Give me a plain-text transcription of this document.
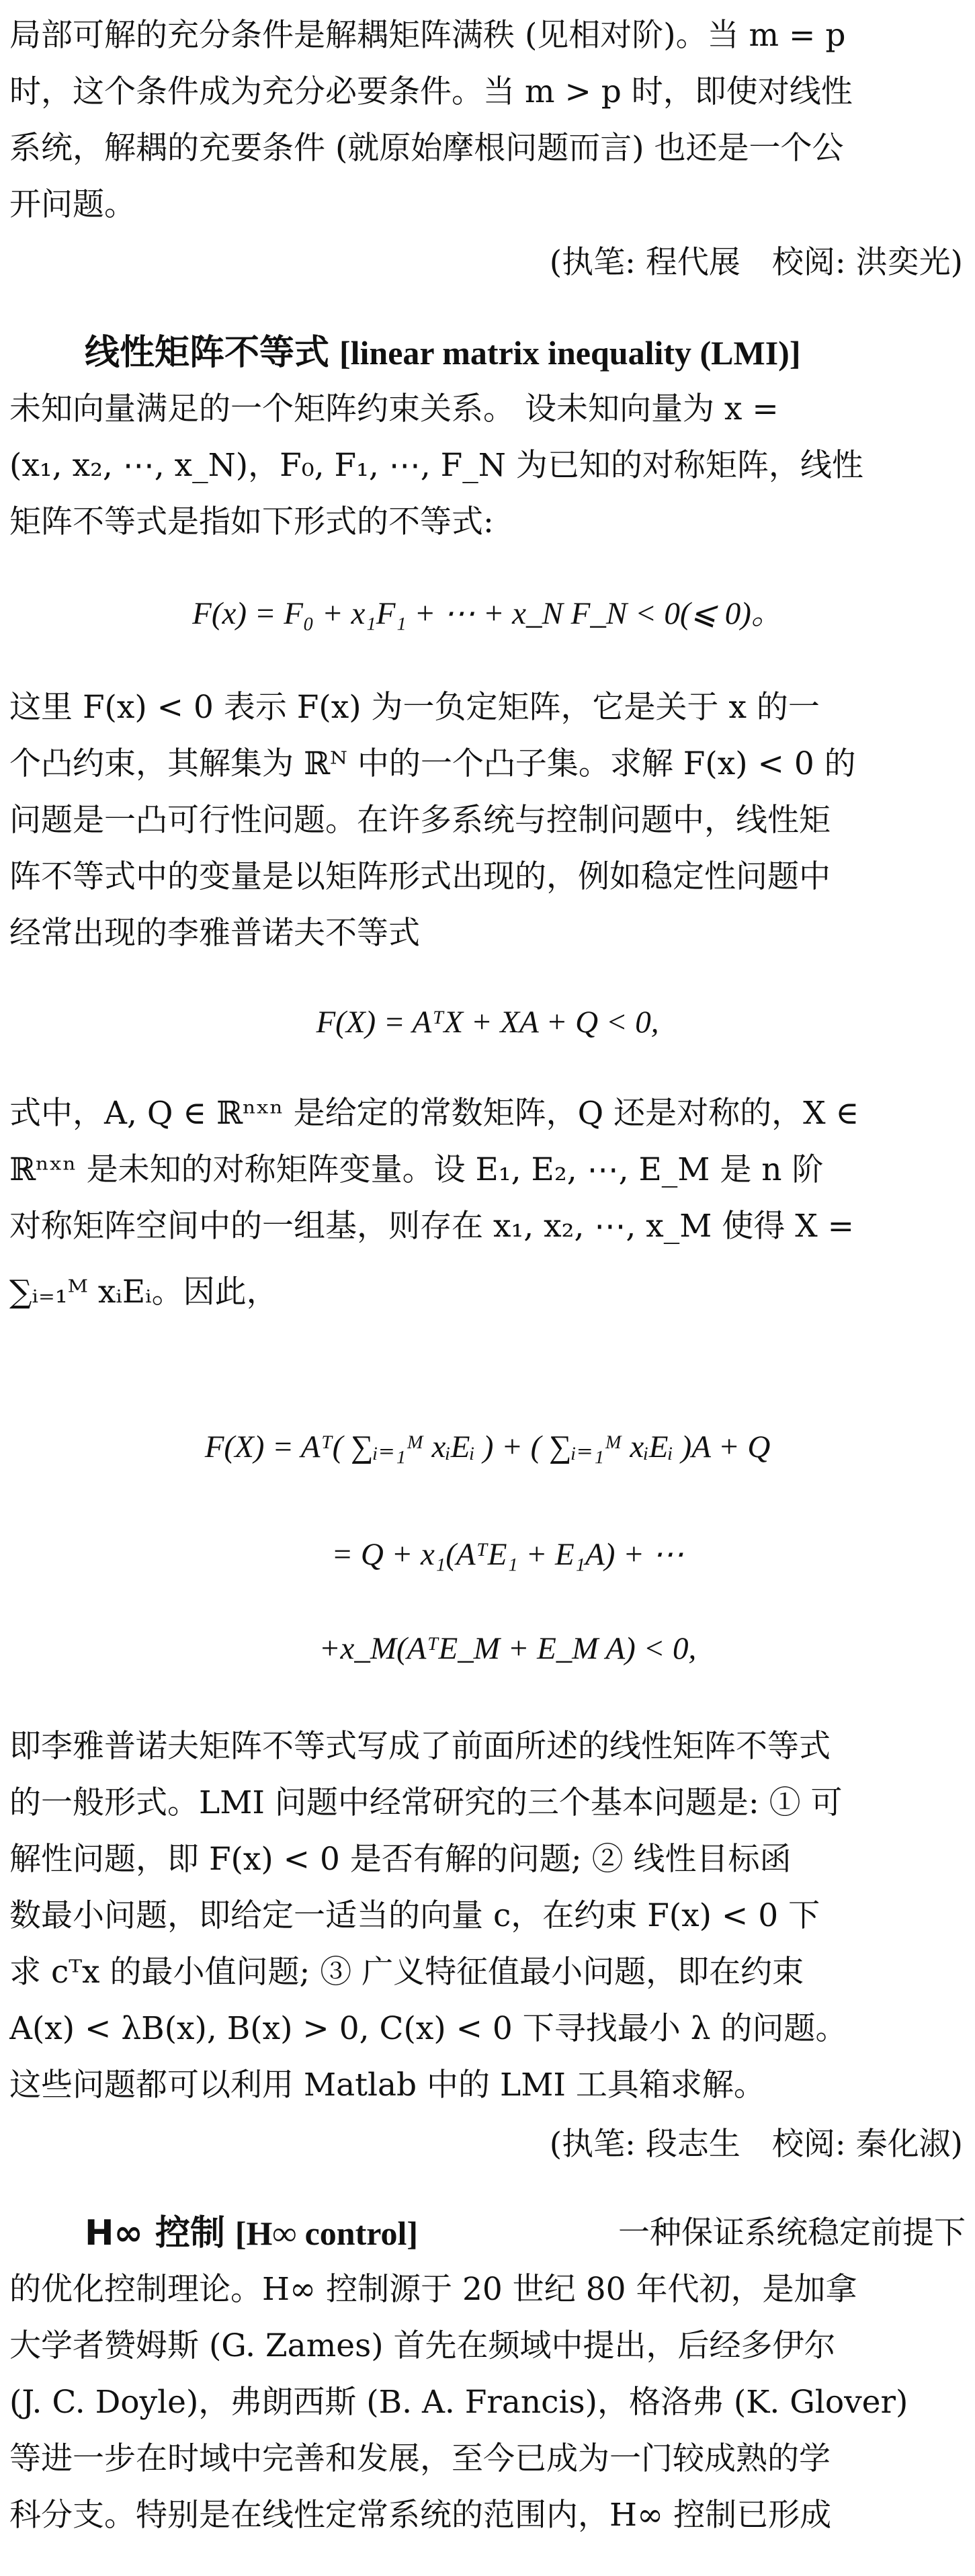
局部可解的充分条件是解耦矩阵满秩 (见相对阶)。当 m = p
时，这个条件成为充分必要条件。当 m > p 时，即使对线性
系统，解耦的充要条件 (就原始摩根问题而言) 也还是一个公
开问题。
(执笔: 程代展　校阅: 洪奕光)
线性矩阵不等式 [linear matrix inequality (LMI)]
未知向量满足的一个矩阵约束关系。 设未知向量为 x =
(x₁, x₂, ⋯, x_N)，F₀, F₁, ⋯, F_N 为已知的对称矩阵，线性
矩阵不等式是指如下形式的不等式:
F(x) = F₀ + x₁F₁ + ⋯ + x_N F_N < 0(⩽ 0)。
这里 F(x) < 0 表示 F(x) 为一负定矩阵，它是关于 x 的一
个凸约束，其解集为 ℝᴺ 中的一个凸子集。求解 F(x) < 0 的
问题是一凸可行性问题。在许多系统与控制问题中，线性矩
阵不等式中的变量是以矩阵形式出现的，例如稳定性问题中
经常出现的李雅普诺夫不等式
F(X) = AᵀX + XA + Q < 0,
式中，A, Q ∈ ℝⁿˣⁿ 是给定的常数矩阵，Q 还是对称的，X ∈
ℝⁿˣⁿ 是未知的对称矩阵变量。设 E₁, E₂, ⋯, E_M 是 n 阶
对称矩阵空间中的一组基，则存在 x₁, x₂, ⋯, x_M 使得 X =
∑ᵢ₌₁ᴹ xᵢEᵢ。因此，
F(X) = Aᵀ( ∑ᵢ₌₁ᴹ xᵢEᵢ ) + ( ∑ᵢ₌₁ᴹ xᵢEᵢ )A + Q
= Q + x₁(AᵀE₁ + E₁A) + ⋯
+x_M(AᵀE_M + E_M A) < 0,
即李雅普诺夫矩阵不等式写成了前面所述的线性矩阵不等式
的一般形式。LMI 问题中经常研究的三个基本问题是: ① 可
解性问题，即 F(x) < 0 是否有解的问题; ② 线性目标函
数最小问题，即给定一适当的向量 c，在约束 F(x) < 0 下
求 cᵀx 的最小值问题; ③ 广义特征值最小问题，即在约束
A(x) < λB(x), B(x) > 0, C(x) < 0 下寻找最小 λ 的问题。
这些问题都可以利用 Matlab 中的 LMI 工具箱求解。
(执笔: 段志生　校阅: 秦化淑)
H∞ 控制 [H∞ control]	一种保证系统稳定前提下
的优化控制理论。H∞ 控制源于 20 世纪 80 年代初，是加拿
大学者赞姆斯 (G. Zames) 首先在频域中提出，后经多伊尔
(J. C. Doyle)，弗朗西斯 (B. A. Francis)，格洛弗 (K. Glover)
等进一步在时域中完善和发展，至今已成为一门较成熟的学
科分支。特别是在线性定常系统的范围内，H∞ 控制已形成
